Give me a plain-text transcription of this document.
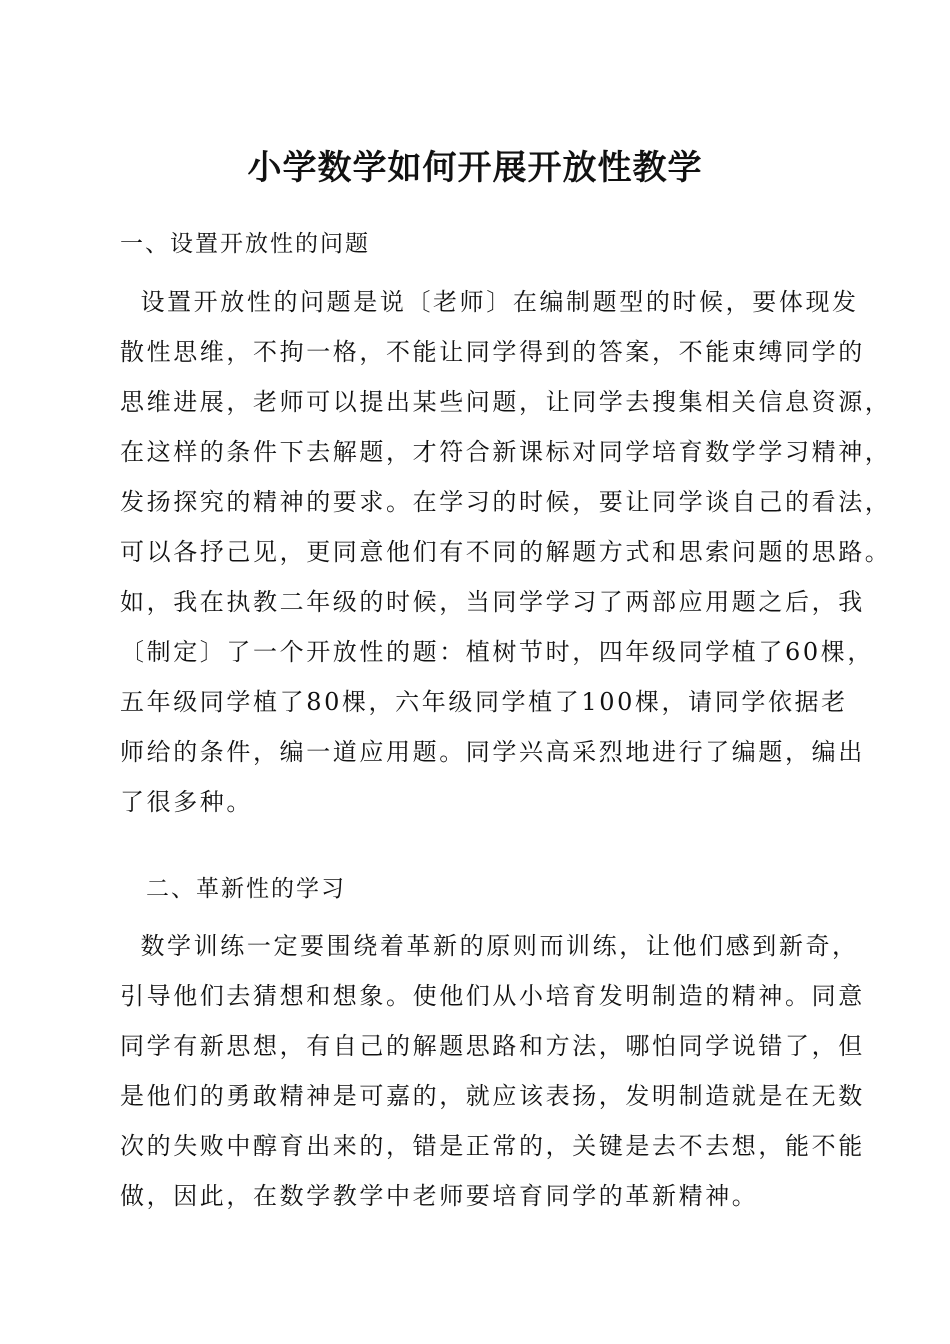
小学数学如何开展开放性教学
一、设置开放性的问题
设置开放性的问题是说〔老师〕在编制题型的时候，要体现发
散性思维，不拘一格，不能让同学得到的答案，不能束缚同学的
思维进展，老师可以提出某些问题，让同学去搜集相关信息资源，
在这样的条件下去解题，才符合新课标对同学培育数学学习精神，
发扬探究的精神的要求。在学习的时候，要让同学谈自己的看法，
可以各抒己见，更同意他们有不同的解题方式和思索问题的思路。
如，我在执教二年级的时候，当同学学习了两部应用题之后，我
〔制定〕了一个开放性的题：植树节时，四年级同学植了60棵，
五年级同学植了80棵，六年级同学植了100棵，请同学依据老
师给的条件，编一道应用题。同学兴高采烈地进行了编题，编出
了很多种。
二、革新性的学习
数学训练一定要围绕着革新的原则而训练，让他们感到新奇，
引导他们去猜想和想象。使他们从小培育发明制造的精神。同意
同学有新思想，有自己的解题思路和方法，哪怕同学说错了，但
是他们的勇敢精神是可嘉的，就应该表扬，发明制造就是在无数
次的失败中醇育出来的，错是正常的，关键是去不去想，能不能
做，因此，在数学教学中老师要培育同学的革新精神。
